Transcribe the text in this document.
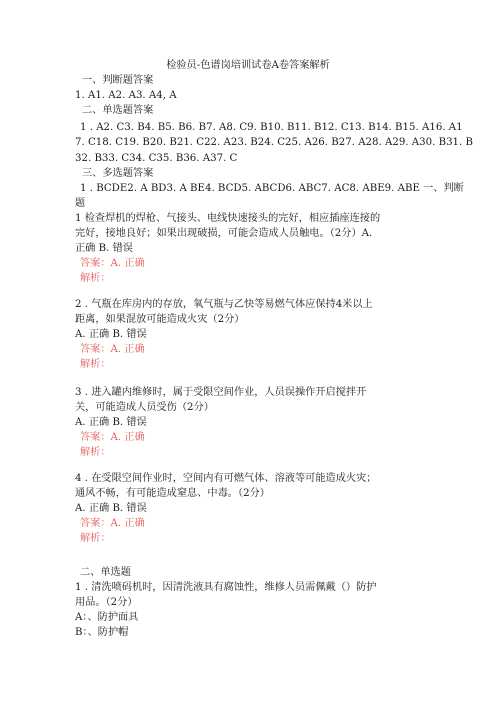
检验员-色谱岗培训试卷A卷答案解析
一、判断题答案
1. A1. A2. A3. A4, A
二、单选题答案
1 . A2. C3. B4. B5. B6. B7. A8. C9. B10. B11. B12. C13. B14. B15. A16. A1
7. C18. C19. B20. B21. C22. A23. B24. C25. A26. B27. A28. A29. A30. B31. B
32. B33. C34. C35. B36. A37. C
三、多选题答案
1 . BCDE2. A BD3. A BE4. BCD5. ABCD6. ABC7. AC8. ABE9. ABE 一、判断
题
1 检查焊机的焊枪、气接头、电线快速接头的完好，相应插座连接的
完好，接地良好；如果出现破损，可能会造成人员触电。（2分）A.
正确 B. 错误
答案：A. 正确
解析：
2 . 气瓶在库房内的存放，氧气瓶与乙快等易燃气体应保持4米以上
距离，如果混放可能造成火灾（2分）
A. 正确 B. 错误
答案：A. 正确
解析：
3 . 进入罐内维修时，属于受限空间作业，人员误操作开启搅拌开
关，可能造成人员受伤（2分）
A. 正确 B. 错误
答案：A. 正确
解析：
4 . 在受限空间作业时，空间内有可燃气体、溶液等可能造成火灾；
通风不畅，有可能造成窒息、中毒。（2分）
A. 正确 B. 错误
答案：A. 正确
解析：
二、单选题
1 . 清洗喷码机时，因清洗液具有腐蚀性，维修人员需佩戴（）防护
用品。（2分）
A：、防护面具
B：、防护帽
